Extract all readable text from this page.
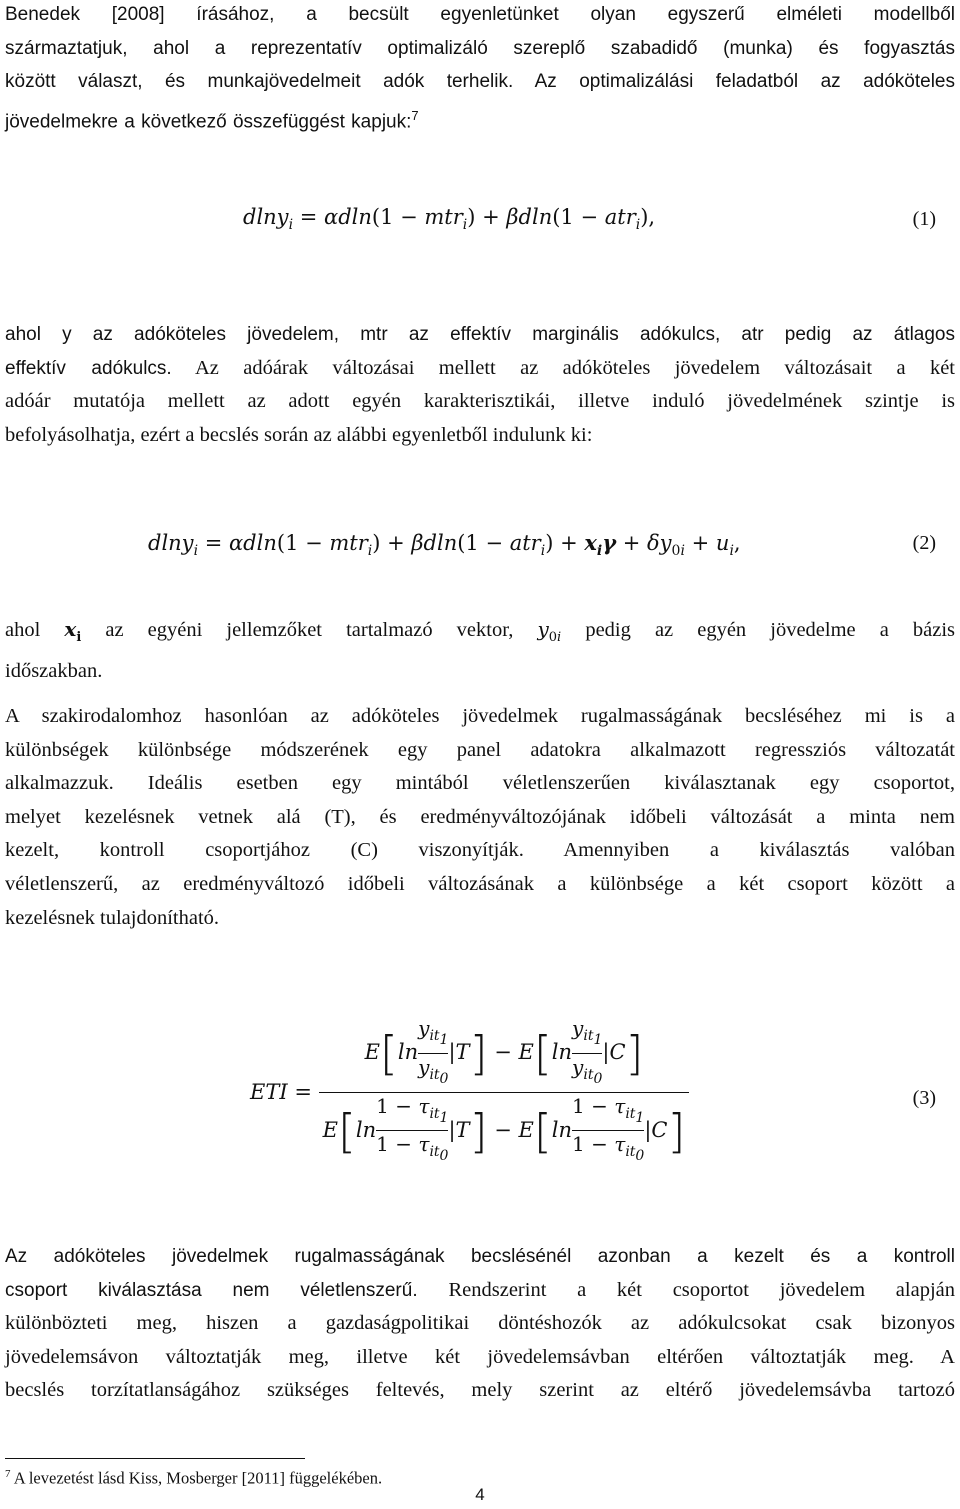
Benedek [2008] írásához, a becsült egyenletünket olyan egyszerű elméleti modellből
származtatjuk, ahol a reprezentatív optimalizáló szereplő szabadidő (munka) és fogyasztás
között választ, és munkajövedelmeit adók terhelik. Az optimalizálási feladatból az adóköteles
jövedelmekre a következő összefüggést kapjuk:$^7$
dlny$_i$ = αdln(1 − mtr$_i$) + βdln(1 − atr$_i$),	(1)
ahol y az adóköteles jövedelem, mtr az effektív marginális adókulcs, atr pedig az átlagos
effektív adókulcs. Az adóárak változásai mellett az adóköteles jövedelem változásait a két
adóár mutatója mellett az adott egyén karakterisztikái, illetve induló jövedelmének szintje is
befolyásolhatja, ezért a becslés során az alábbi egyenletből indulunk ki:
$dlny_i = \alpha dln(1 - mtr_i) + \beta dln(1 - atr_i) + x_i\gamma + \delta y_{0i} + u_i$,	(2)
ahol $x_i$ az egyéni jellemzőket tartalmazó vektor, $y_{0i}$ pedig az egyén jövedelme a bázis
időszakban.
A szakirodalomhoz hasonlóan az adóköteles jövedelmek rugalmasságának becsléséhez mi is a
különbségek különbsége módszerének egy panel adatokra alkalmazott regressziós változatát
alkalmazzuk. Ideális esetben egy mintából véletlenszerűen kiválasztanak egy csoportot,
melyet kezelésnek vetnek alá (T), és eredményváltozójának időbeli változását a minta nem
kezelt, kontroll csoportjához (C) viszonyítják. Amennyiben a kiválasztás valóban
véletlenszerű, az eredményváltozó időbeli változásának a különbsége a két csoport között a
kezelésnek tulajdonítható.
ETI =
$E[\ln \frac{y_{it_1}}{y_{it_0}} |T] - E[\ln \frac{y_{it_1}}{y_{it_0}} |C]$
$E[\ln \frac{1 - \tau_{it_1}}{1 - \tau_{it_0}} |T] - E[\ln \frac{1 - \tau_{it_1}}{1 - \tau_{it_0}} |C]$
(3)
Az adóköteles jövedelmek rugalmasságának becslésénél azonban a kezelt és a kontroll
csoport kiválasztása nem véletlenszerű. Rendszerint a két csoportot jövedelem alapján
különbözteti meg, hiszen a gazdaságpolitikai döntéshozók az adókulcsokat csak bizonyos
jövedelemsávon változtatják meg, illetve két jövedelemsávban eltérően változtatják meg. A
becslés torzítatlanságához szükséges feltevés, mely szerint az eltérő jövedelemsávba tartozó
$^7$ A levezetést lásd Kiss, Mosberger [2011] függelékében.
4
